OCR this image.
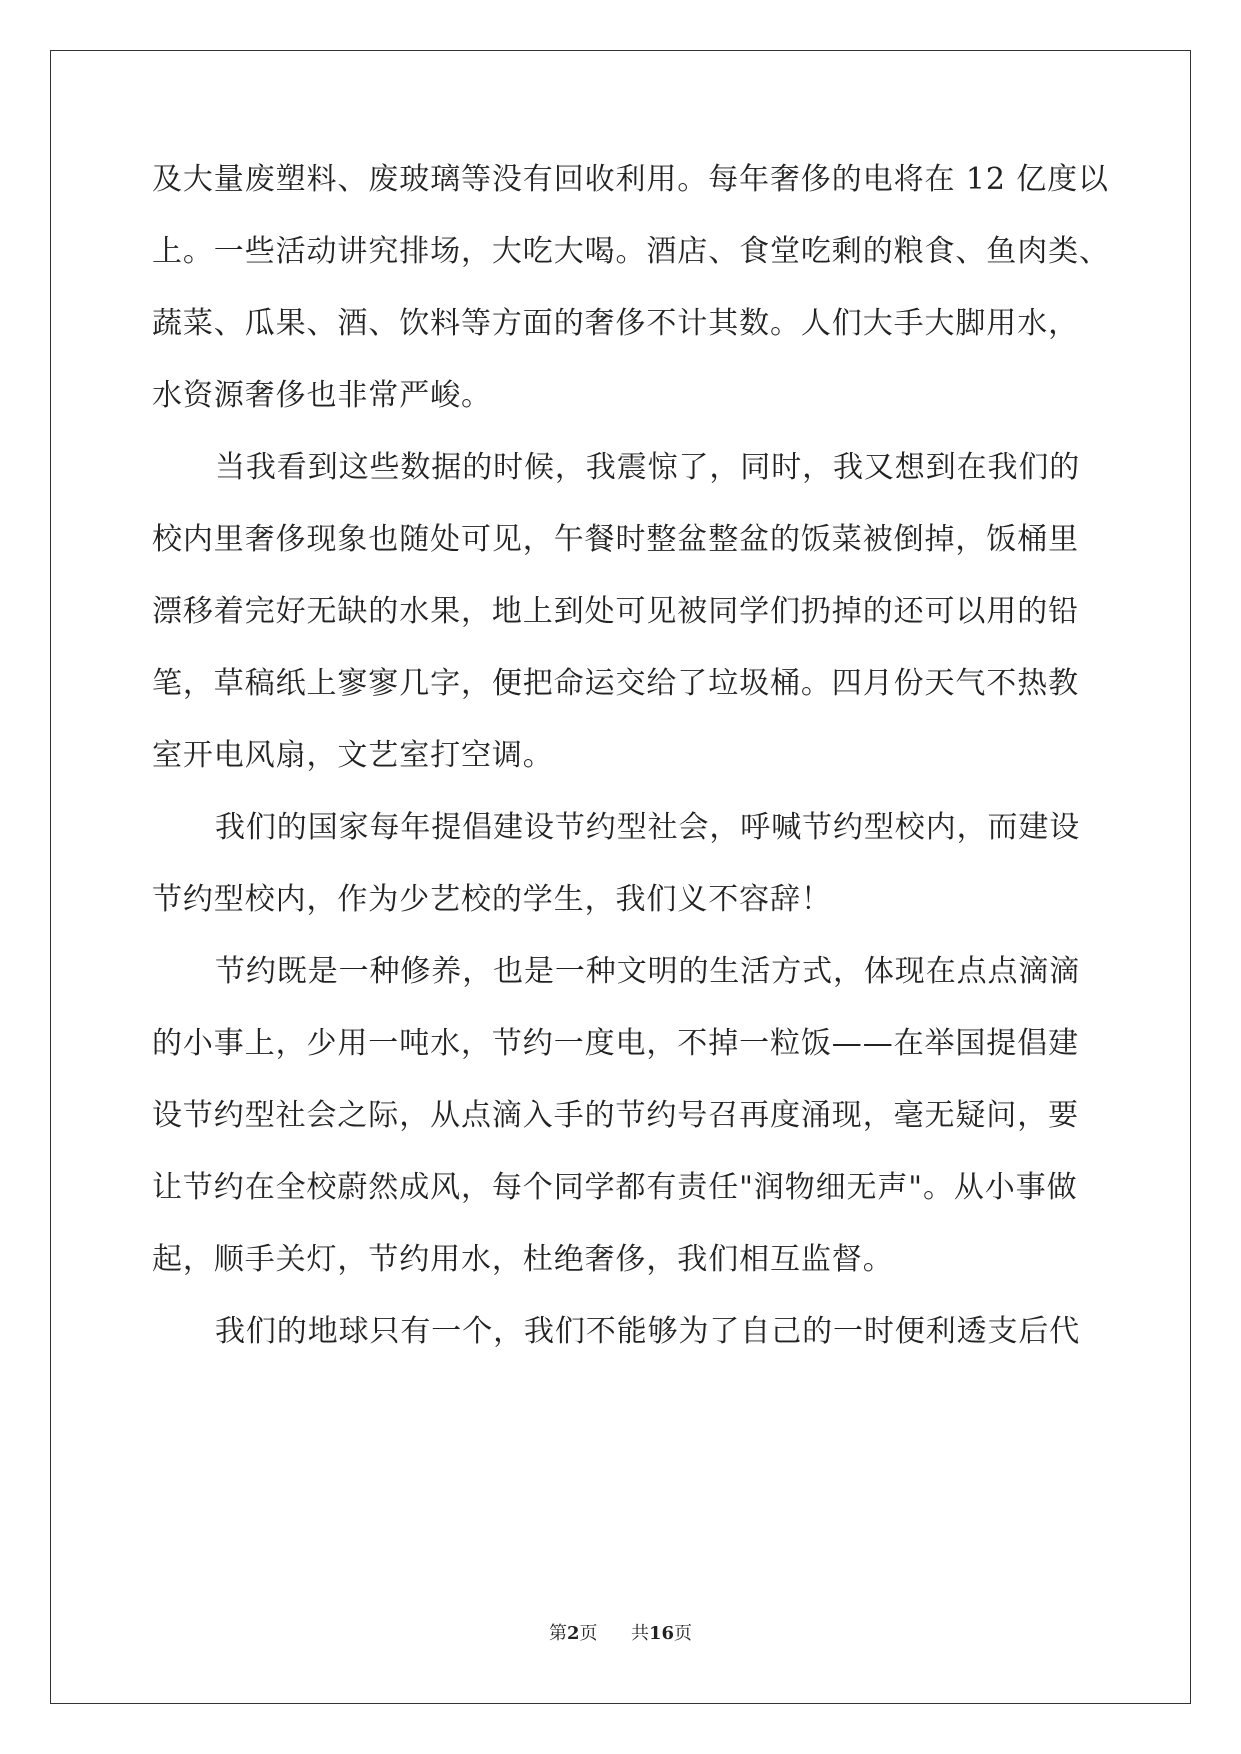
及大量废塑料、废玻璃等没有回收利用。每年奢侈的电将在 12 亿度以
上。一些活动讲究排场，大吃大喝。酒店、食堂吃剩的粮食、鱼肉类、
蔬菜、瓜果、酒、饮料等方面的奢侈不计其数。人们大手大脚用水，
水资源奢侈也非常严峻。
当我看到这些数据的时候，我震惊了，同时，我又想到在我们的
校内里奢侈现象也随处可见，午餐时整盆整盆的饭菜被倒掉，饭桶里
漂移着完好无缺的水果，地上到处可见被同学们扔掉的还可以用的铅
笔，草稿纸上寥寥几字，便把命运交给了垃圾桶。四月份天气不热教
室开电风扇，文艺室打空调。
我们的国家每年提倡建设节约型社会，呼喊节约型校内，而建设
节约型校内，作为少艺校的学生，我们义不容辞！
节约既是一种修养，也是一种文明的生活方式，体现在点点滴滴
的小事上，少用一吨水，节约一度电，不掉一粒饭——在举国提倡建
设节约型社会之际，从点滴入手的节约号召再度涌现，毫无疑问，要
让节约在全校蔚然成风，每个同学都有责任"润物细无声"。从小事做
起，顺手关灯，节约用水，杜绝奢侈，我们相互监督。
我们的地球只有一个，我们不能够为了自己的一时便利透支后代
第2页 共16页
